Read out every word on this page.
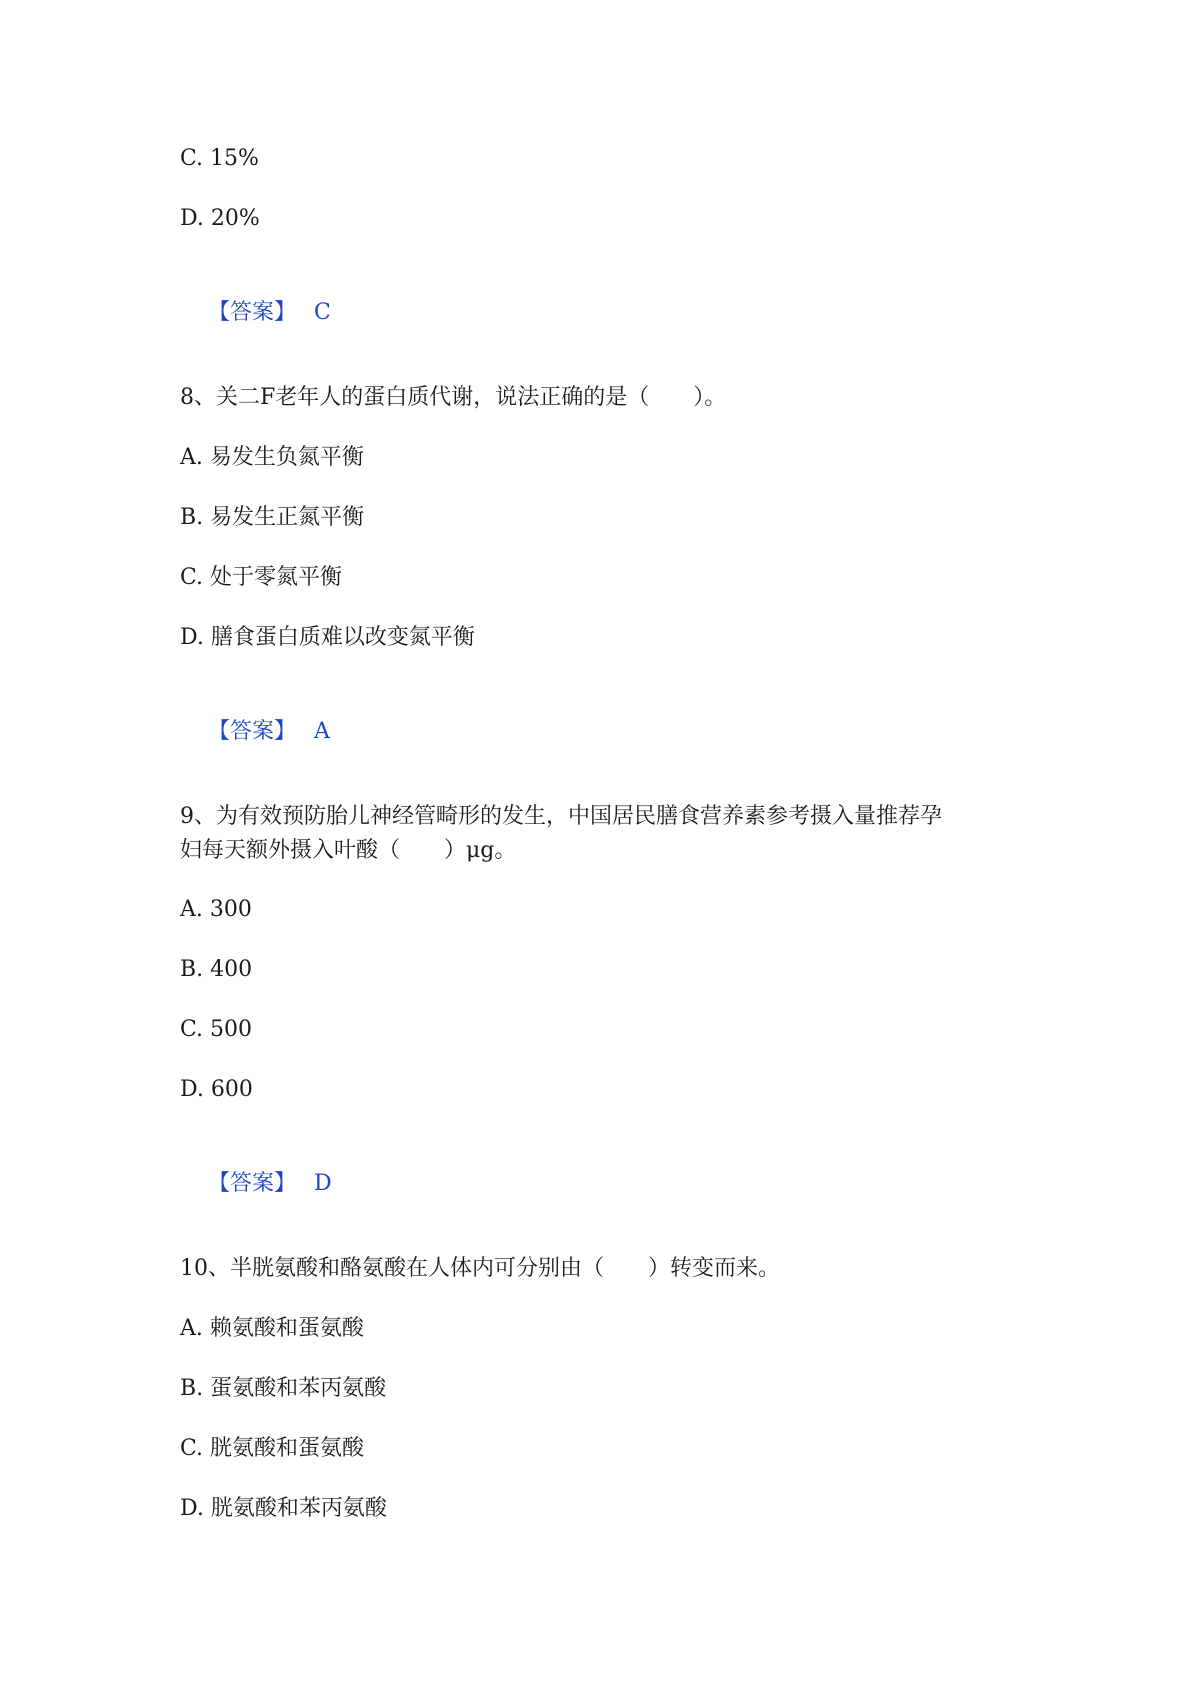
C. 15%

D. 20%

【答案】 C

8、关二F老年人的蛋白质代谢，说法正确的是（　　）。

A. 易发生负氮平衡

B. 易发生正氮平衡

C. 处于零氮平衡

D. 膳食蛋白质难以改变氮平衡

【答案】 A

9、为有效预防胎儿神经管畸形的发生，中国居民膳食营养素参考摄入量推荐孕

妇每天额外摄入叶酸（　　）μg。

A. 300

B. 400

C. 500

D. 600

【答案】 D

10、半胱氨酸和酪氨酸在人体内可分别由（　　）转变而来。

A. 赖氨酸和蛋氨酸

B. 蛋氨酸和苯丙氨酸

C. 胱氨酸和蛋氨酸

D. 胱氨酸和苯丙氨酸
